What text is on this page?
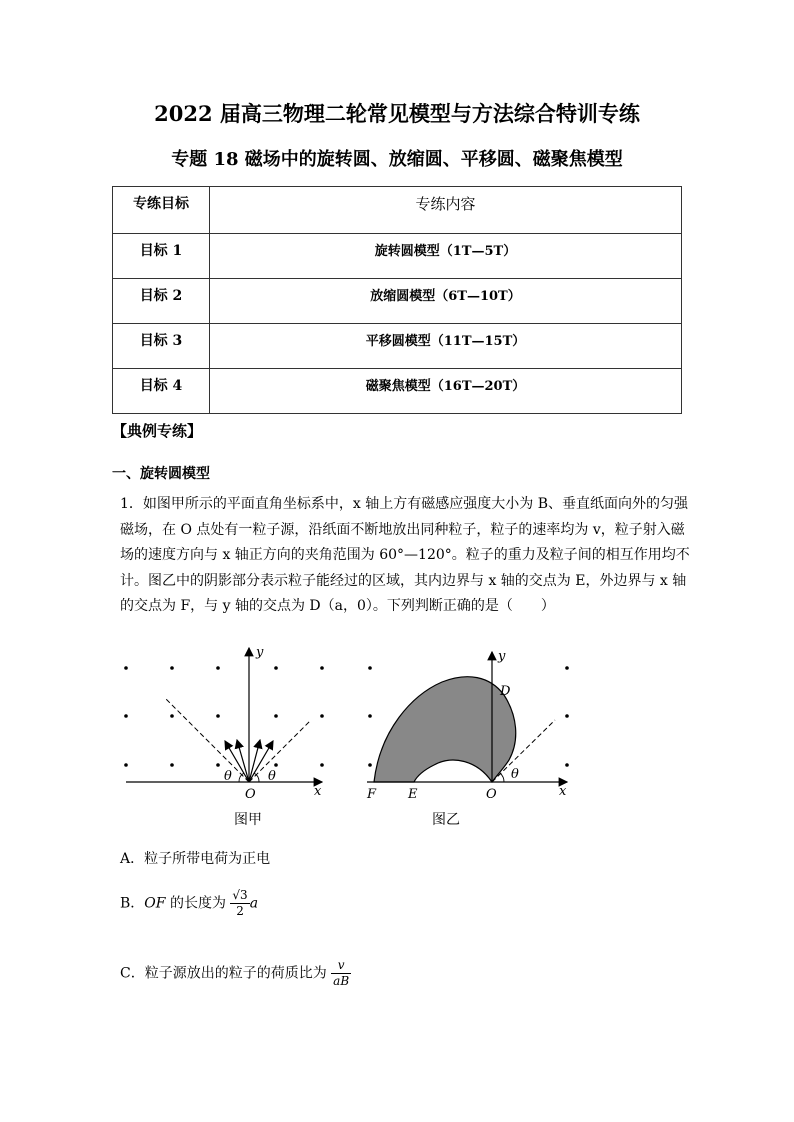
2022 届高三物理二轮常见模型与方法综合特训专练
专题 18 磁场中的旋转圆、放缩圆、平移圆、磁聚焦模型
专练目标	专练内容
目标 1	旋转圆模型（1T—5T）
目标 2	放缩圆模型（6T—10T）
目标 3	平移圆模型（11T—15T）
目标 4	磁聚焦模型（16T—20T）
【典例专练】
一、旋转圆模型
1．如图甲所示的平面直角坐标系中，x 轴上方有磁感应强度大小为 B、垂直纸面向外的匀强
磁场，在 O 点处有一粒子源，沿纸面不断地放出同种粒子，粒子的速率均为 v，粒子射入磁
场的速度方向与 x 轴正方向的夹角范围为 60°—120°。粒子的重力及粒子间的相互作用均不
计。图乙中的阴影部分表示粒子能经过的区域，其内边界与 x 轴的交点为 E，外边界与 x 轴
的交点为 F，与 y 轴的交点为 D（a，0）。下列判断正确的是（　　）
θ	θ
O	x
y
图甲
θ
D
y
F E	O	x
图乙
A．粒子所带电荷为正电
B．OF 的长度为 $\frac{√3}{2}$ a
C．粒子源放出的粒子的荷质比为 $\frac{v}{aB}$
